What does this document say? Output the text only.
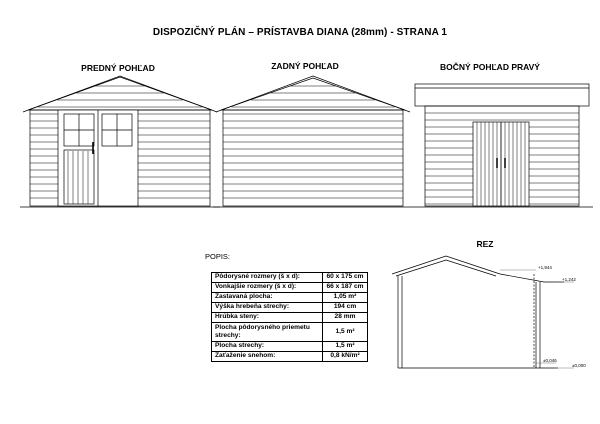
DISPOZIČNÝ PLÁN – PRÍSTAVBA DIANA (28mm) - STRANA 1
PREDNÝ POHĽAD	ZADNÝ POHĽAD	BOČNÝ POHĽAD PRAVÝ
REZ
+1,944
+1,242
±0,046
±0,000
POPIS:
Pôdorysné rozmery (š x d):	60 x 175 cm
Vonkajšie rozmery (š x d):	66 x 187 cm
Zastavaná plocha:	1,05 m²
Výška hrebeňa strechy:	194 cm
Hrúbka steny:	28 mm
Plocha pôdorysného priemetu strechy:	1,5 m²
Plocha strechy:	1,5 m²
Zaťaženie snehom:	0,8 kN/m²
